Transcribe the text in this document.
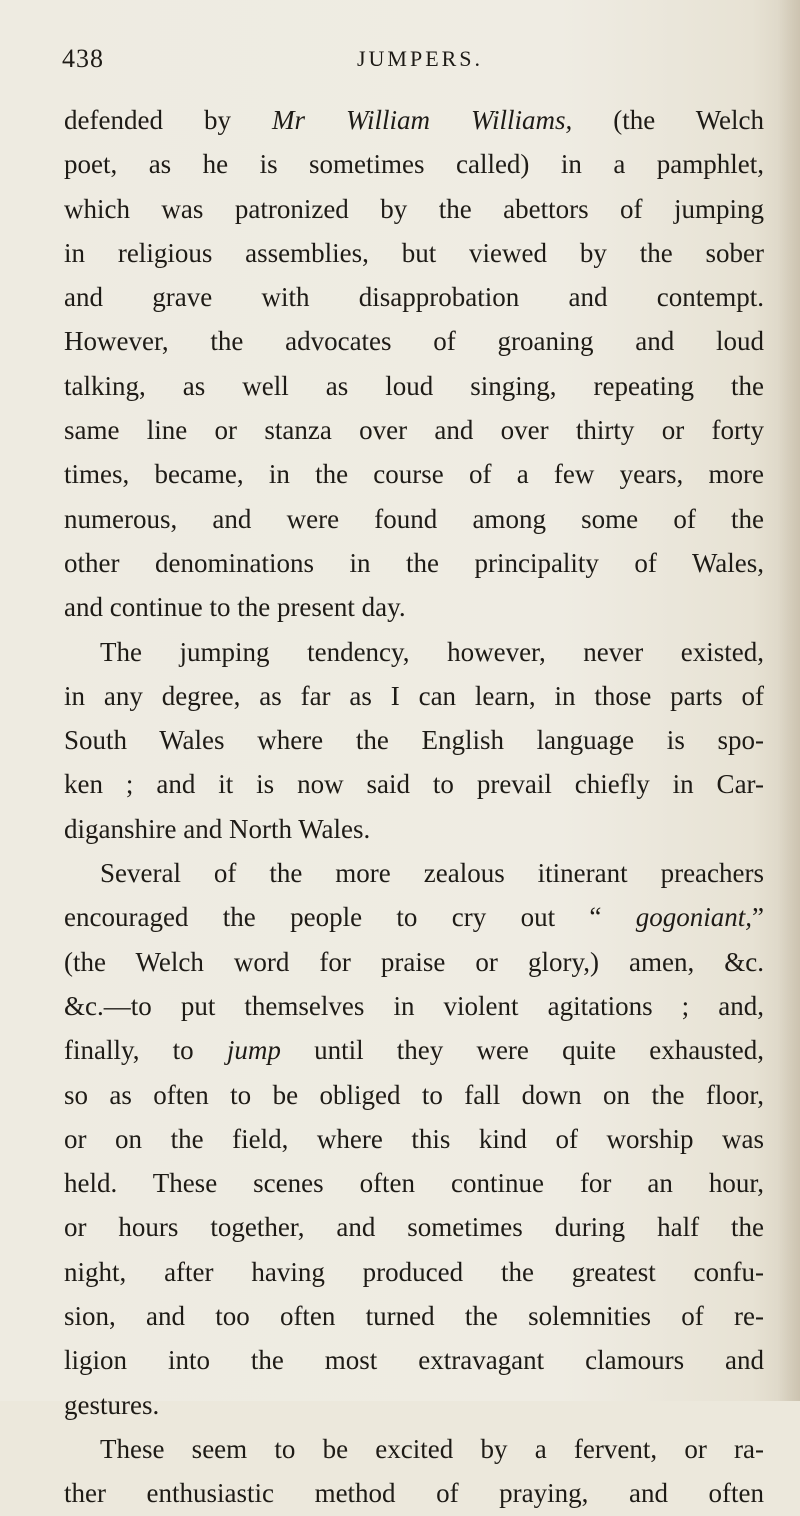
438	JUMPERS.
defended by Mr William Williams, (the Welch
poet, as he is sometimes called) in a pamphlet,
which was patronized by the abettors of jumping
in religious assemblies, but viewed by the sober
and grave with disapprobation and contempt.
However, the advocates of groaning and loud
talking, as well as loud singing, repeating the
same line or stanza over and over thirty or forty
times, became, in the course of a few years, more
numerous, and were found among some of the
other denominations in the principality of Wales,
and continue to the present day.
The jumping tendency, however, never existed,
in any degree, as far as I can learn, in those parts of
South Wales where the English language is spo-
ken ; and it is now said to prevail chiefly in Car-
diganshire and North Wales.
Several of the more zealous itinerant preachers
encouraged the people to cry out “ gogoniant,”
(the Welch word for praise or glory,) amen, &c.
&c.—to put themselves in violent agitations ; and,
finally, to jump until they were quite exhausted,
so as often to be obliged to fall down on the floor,
or on the field, where this kind of worship was
held. These scenes often continue for an hour,
or hours together, and sometimes during half the
night, after having produced the greatest confu-
sion, and too often turned the solemnities of re-
ligion into the most extravagant clamours and
gestures.
These seem to be excited by a fervent, or ra-
ther enthusiastic method of praying, and often
